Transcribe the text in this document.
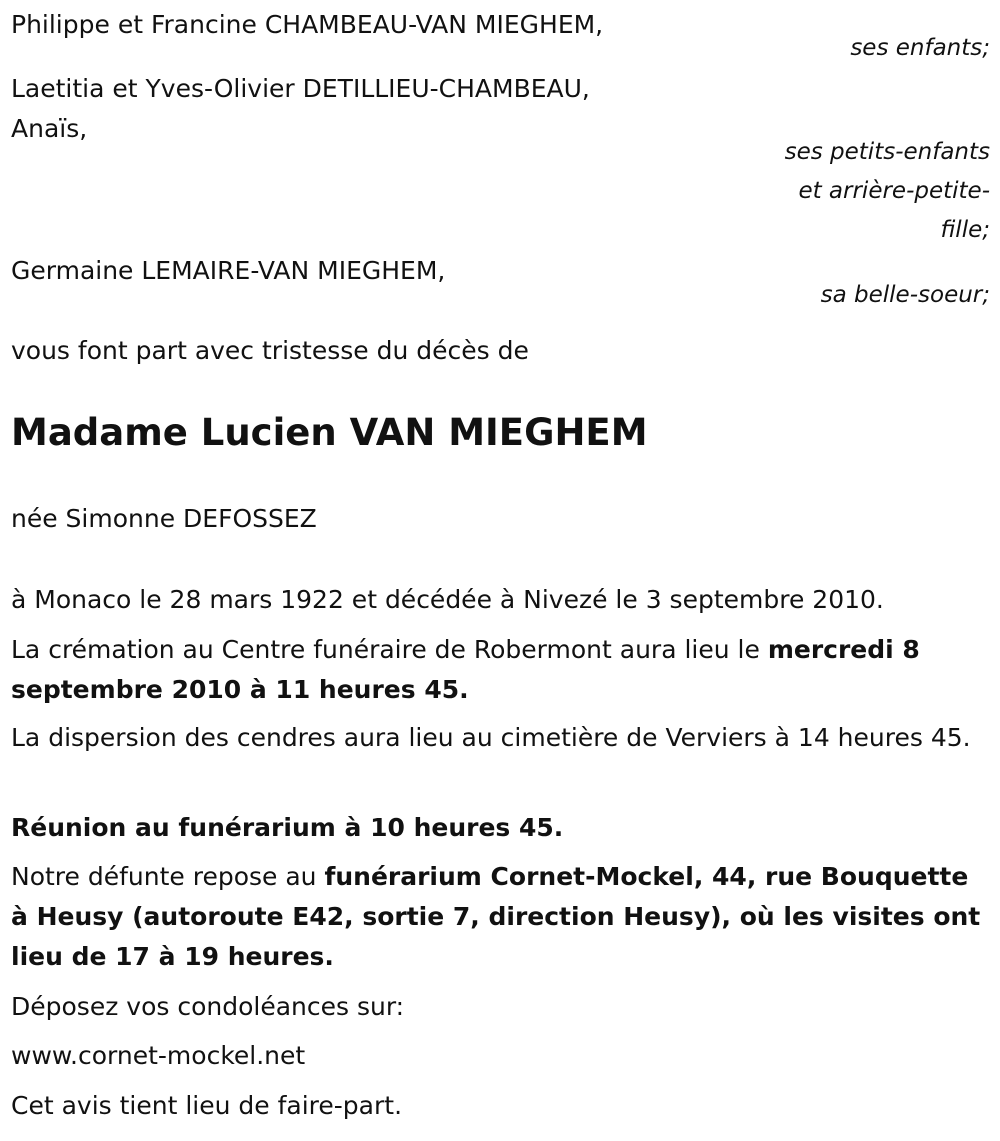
Philippe et Francine CHAMBEAU-VAN MIEGHEM,
ses enfants;
Laetitia et Yves-Olivier DETILLIEU-CHAMBEAU,
Anaïs,
ses petits-enfants
et arrière-petite-
fille;
Germaine LEMAIRE-VAN MIEGHEM,
sa belle-soeur;
vous font part avec tristesse du décès de
Madame Lucien VAN MIEGHEM
née Simonne DEFOSSEZ
à Monaco le 28 mars 1922 et décédée à Nivezé le 3 septembre 2010.
La crémation au Centre funéraire de Robermont aura lieu le mercredi 8 septembre 2010 à 11 heures 45.
La dispersion des cendres aura lieu au cimetière de Verviers à 14 heures 45.
Réunion au funérarium à 10 heures 45.
Notre défunte repose au funérarium Cornet-Mockel, 44, rue Bouquette à Heusy (autoroute E42, sortie 7, direction Heusy), où les visites ont lieu de 17 à 19 heures.
Déposez vos condoléances sur:
www.cornet-mockel.net
Cet avis tient lieu de faire-part.
